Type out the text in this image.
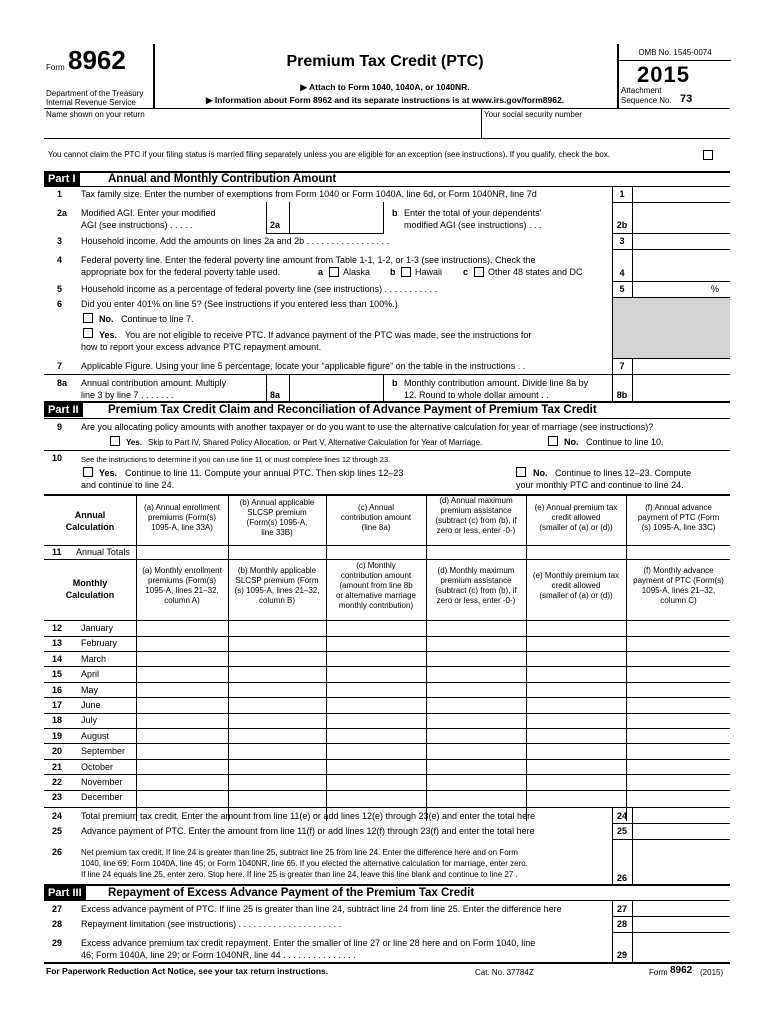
Form 8962
Department of the Treasury
Internal Revenue Service
Premium Tax Credit (PTC)
▶ Attach to Form 1040, 1040A, or 1040NR.
▶ Information about Form 8962 and its separate instructions is at www.irs.gov/form8962.
OMB No. 1545-0074
2015
Attachment
Sequence No. 73
Name shown on your return	Your social security number
You cannot claim the PTC if your filing status is married filing separately unless you are eligible for an exception (see instructions). If you qualify, check the box.
Part I	Annual and Monthly Contribution Amount
1 Tax family size. Enter the number of exemptions from Form 1040 or Form 1040A, line 6d, or Form 1040NR, line 7d	1
2a Modified AGI. Enter your modified
AGI (see instructions) . . . . .	2a
b Enter the total of your dependents'
modified AGI (see instructions) . . .	2b
3 Household income. Add the amounts on lines 2a and 2b . . . . . . . . . . . . . . . . .	3
4 Federal poverty line. Enter the federal poverty line amount from Table 1-1, 1-2, or 1-3 (see instructions). Check the
appropriate box for the federal poverty table used.	a Alaska b Hawaii c Other 48 states and DC	4
5 Household income as a percentage of federal poverty line (see instructions) . . . . . . . . . . .	5	%
6 Did you enter 401% on line 5? (See instructions if you entered less than 100%.)
No. Continue to line 7.
Yes. You are not eligible to receive PTC. If advance payment of the PTC was made, see the instructions for
how to report your excess advance PTC repayment amount.
7 Applicable Figure. Using your line 5 percentage, locate your “applicable figure” on the table in the instructions . .	7
8a Annual contribution amount. Multiply
line 3 by line 7 . . . . . . .	8a
b Monthly contribution amount. Divide line 8a by
12. Round to whole dollar amount . .	8b
Part II	Premium Tax Credit Claim and Reconciliation of Advance Payment of Premium Tax Credit
9 Are you allocating policy amounts with another taxpayer or do you want to use the alternative calculation for year of marriage (see instructions)?
Yes. Skip to Part IV, Shared Policy Allocation, or Part V, Alternative Calculation for Year of Marriage.	No. Continue to line 10.
10	See the instructions to determine if you can use line 11 or must complete lines 12 through 23.
Yes. Continue to line 11. Compute your annual PTC. Then skip lines 12–23
and continue to line 24.
No. Continue to lines 12–23. Compute
your monthly PTC and continue to line 24.
Annual
Calculation
(a) Annual enrollment
premiums (Form(s)
1095-A, line 33A)
(b) Annual applicable
SLCSP premium
(Form(s) 1095-A,
line 33B)
(c) Annual
contribution amount
(line 8a)
(d) Annual maximum
premium assistance
(subtract (c) from (b), if
zero or less, enter -0-)
(e) Annual premium tax
credit allowed
(smaller of (a) or (d))
(f) Annual advance
payment of PTC (Form
(s) 1095-A, line 33C)
11 Annual Totals
Monthly
Calculation
(a) Monthly enrollment
premiums (Form(s)
1095-A, lines 21–32,
column A)
(b) Monthly applicable
SLCSP premium (Form
(s) 1095-A, lines 21–32,
column B)
(c) Monthly
contribution amount
(amount from line 8b
or alternative marriage
monthly contribution)
(d) Monthly maximum
premium assistance
(subtract (c) from (b), if
zero or less, enter -0-)
(e) Monthly premium tax
credit allowed
(smaller of (a) or (d))
(f) Monthly advance
payment of PTC (Form(s)
1095-A, lines 21–32,
column C)
12 January
13 February
14 March
15 April
16 May
17 June
18 July
19 August
20 September
21 October
22 November
23 December
24 Total premium tax credit. Enter the amount from line 11(e) or add lines 12(e) through 23(e) and enter the total here	24
25 Advance payment of PTC. Enter the amount from line 11(f) or add lines 12(f) through 23(f) and enter the total here	25
26 Net premium tax credit. If line 24 is greater than line 25, subtract line 25 from line 24. Enter the difference here and on Form
1040, line 69; Form 1040A, line 45; or Form 1040NR, line 65. If you elected the alternative calculation for marriage, enter zero.
If line 24 equals line 25, enter zero. Stop here. If line 25 is greater than line 24, leave this line blank and continue to line 27 .	26
Part III	Repayment of Excess Advance Payment of the Premium Tax Credit
27 Excess advance payment of PTC. If line 25 is greater than line 24, subtract line 24 from line 25. Enter the difference here	27
28 Repayment limitation (see instructions) . . . . . . . . . . . . . . . . . . . . .	28
29 Excess advance premium tax credit repayment. Enter the smaller of line 27 or line 28 here and on Form 1040, line
46; Form 1040A, line 29; or Form 1040NR, line 44 . . . . . . . . . . . . . . .	29
For Paperwork Reduction Act Notice, see your tax return instructions.	Cat. No. 37784Z	Form 8962 (2015)
